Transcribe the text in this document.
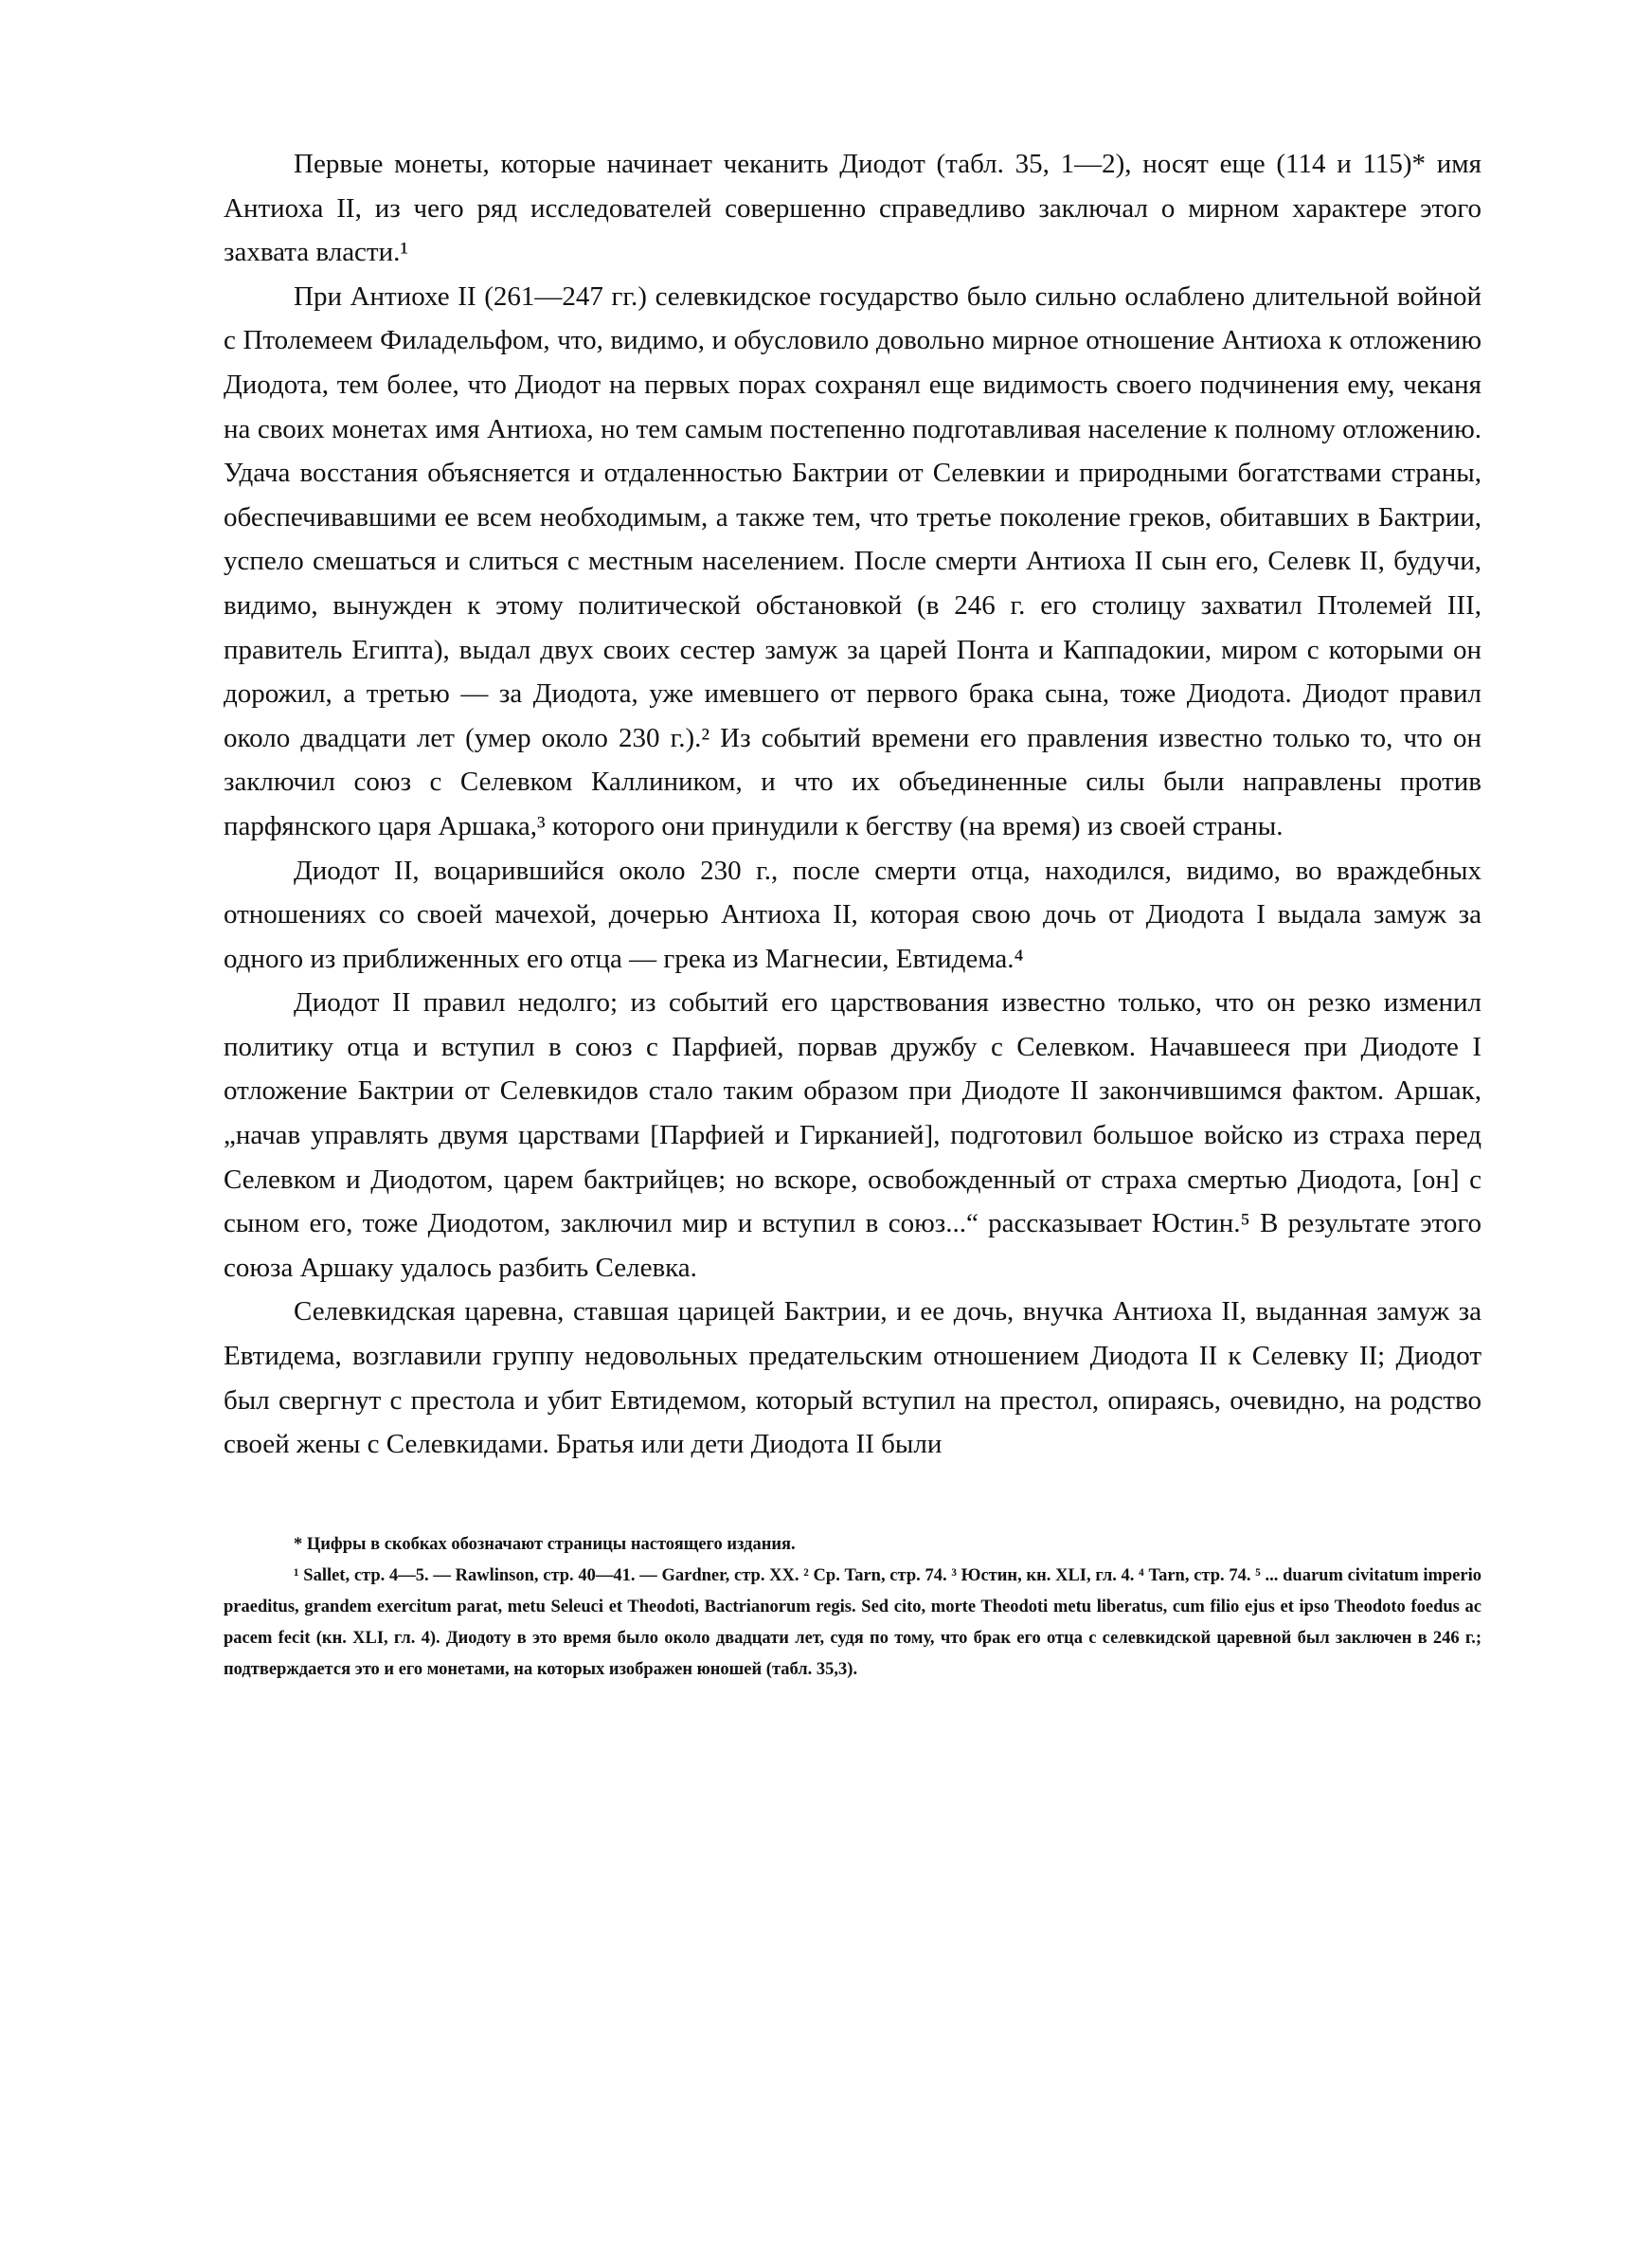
Первые монеты, которые начинает чеканить Диодот (табл. 35, 1—2), носят еще (114 и 115)* имя Антиоха II, из чего ряд исследователей совершенно справедливо заключал о мирном характере этого захвата власти.¹

При Антиохе II (261—247 гг.) селевкидское государство было сильно ослаблено длительной войной с Птолемеем Филадельфом, что, видимо, и обусловило довольно мирное отношение Антиоха к отложению Диодота, тем более, что Диодот на первых порах сохранял еще видимость своего подчинения ему, чеканя на своих монетах имя Антиоха, но тем самым постепенно подготавливая население к полному отложению. Удача восстания объясняется и отдаленностью Бактрии от Селевкии и природными богатствами страны, обеспечивавшими ее всем необходимым, а также тем, что третье поколение греков, обитавших в Бактрии, успело смешаться и слиться с местным населением. После смерти Антиоха II сын его, Селевк II, будучи, видимо, вынужден к этому политической обстановкой (в 246 г. его столицу захватил Птолемей III, правитель Египта), выдал двух своих сестер замуж за царей Понта и Каппадокии, миром с которыми он дорожил, а третью — за Диодота, уже имевшего от первого брака сына, тоже Диодота. Диодот правил около двадцати лет (умер около 230 г.).² Из событий времени его правления известно только то, что он заключил союз с Селевком Каллиником, и что их объединенные силы были направлены против парфянского царя Аршака,³ которого они принудили к бегству (на время) из своей страны.

Диодот II, воцарившийся около 230 г., после смерти отца, находился, видимо, во враждебных отношениях со своей мачехой, дочерью Антиоха II, которая свою дочь от Диодота I выдала замуж за одного из приближенных его отца — грека из Магнесии, Евтидема.⁴

Диодот II правил недолго; из событий его царствования известно только, что он резко изменил политику отца и вступил в союз с Парфией, порвав дружбу с Селевком. Начавшееся при Диодоте I отложение Бактрии от Селевкидов стало таким образом при Диодоте II закончившимся фактом. Аршак, „начав управлять двумя царствами [Парфией и Гирканией], подготовил большое войско из страха перед Селевком и Диодотом, царем бактрийцев; но вскоре, освобожденный от страха смертью Диодота, [он] с сыном его, тоже Диодотом, заключил мир и вступил в союз...“ рассказывает Юстин.⁵ В результате этого союза Аршаку удалось разбить Селевка.

Селевкидская царевна, ставшая царицей Бактрии, и ее дочь, внучка Антиоха II, выданная замуж за Евтидема, возглавили группу недовольных предательским отношением Диодота II к Селевку II; Диодот был свергнут с престола и убит Евтидемом, который вступил на престол, опираясь, очевидно, на родство своей жены с Селевкидами. Братья или дети Диодота II были

* Цифры в скобках обозначают страницы настоящего издания.

¹ Sallet, стр. 4—5. — Rawlinson, стр. 40—41. — Gardner, стр. XX. ² Ср. Tarn, стр. 74. ³ Юстин, кн. XLI, гл. 4. ⁴ Tarn, стр. 74. ⁵ ... duarum civitatum imperio praeditus, grandem exercitum parat, metu Seleuci et Theodoti, Bactrianorum regis. Sed cito, morte Theodoti metu liberatus, cum filio ejus et ipso Theodoto foedus ac pacem fecit (кн. XLI, гл. 4). Диодоту в это время было около двадцати лет, судя по тому, что брак его отца с селевкидской царевной был заключен в 246 г.; подтверждается это и его монетами, на которых изображен юношей (табл. 35,3).
